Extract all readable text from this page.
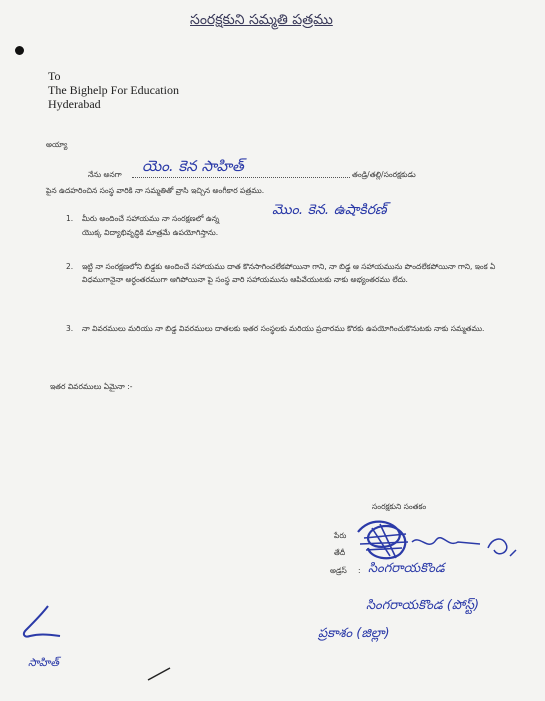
సంరక్షకుని సమ్మతి పత్రము
To
The Bighelp For Education
Hyderabad
అయ్యా
నేను అనగా యెం. కెన సాహిత్	తండ్రి/తల్లి/సంరక్షకుడు
పైన ఉదహరించిన సంస్థ వారికి నా సమ్మతితో వ్రాసి ఇచ్చిన అంగీకార పత్రము.
1. మీరు అందించే సహాయము నా సంరక్షణలో ఉన్న
మొం. కెన. ఉషాకిరణ్
యొక్క విద్యాభివృద్ధికి మాత్రమే ఉపయోగిస్తాను.
2. ఇట్టి నా సంరక్షణలోని బిడ్డకు అందించే సహాయము దాత కొనసాగించలేకపోయినా గాని, నా బిడ్డ ఆ సహాయమును పొందలేకపోయినా గాని, ఇంక ఏ విధముగానైనా అర్ధంతరముగా ఆగిపోయినా పై సంస్థ వారి సహాయమును ఆపివేయుటకు నాకు అభ్యంతరము లేదు.
3. నా వివరములు మరియు నా బిడ్డ వివరములు దాతలకు ఇతర సంస్థలకు మరియు ప్రచారము కొరకు ఉపయోగించుకొనుటకు నాకు సమ్మతము.
ఇతర వివరములు ఏమైనా :-
సంరక్షకుని సంతకం
పేరు
తేదీ
అడ్రస్ : సింగరాయకొండ
సింగరాయకొండ (పోస్ట్)
ప్రకాశం (జిల్లా)
సాహిత్
